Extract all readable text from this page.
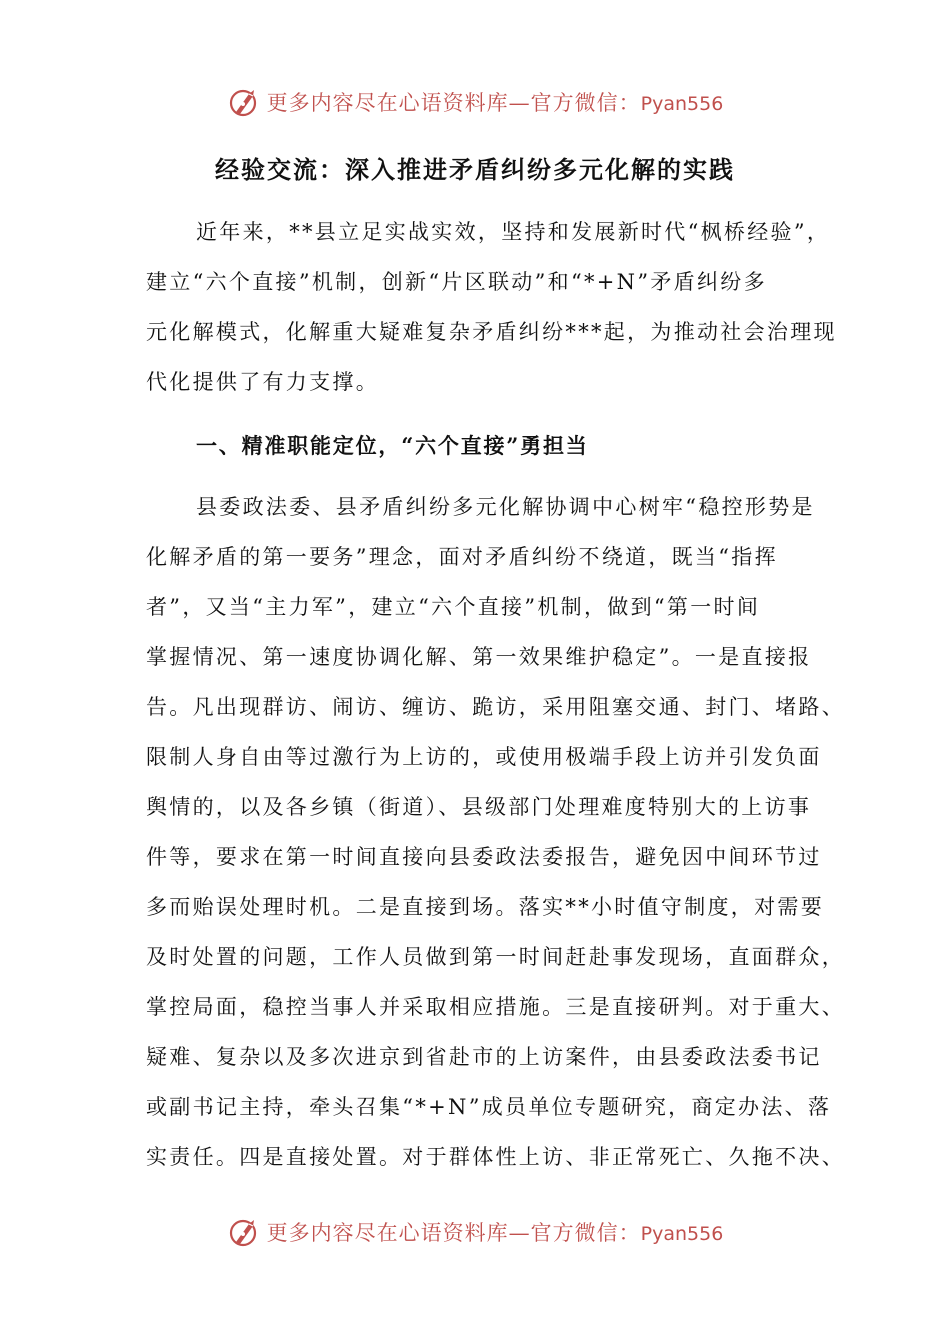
更多内容尽在心语资料库—官方微信：Pyan556
经验交流：深入推进矛盾纠纷多元化解的实践
近年来，**县立足实战实效，坚持和发展新时代“枫桥经验”，
建立“六个直接”机制，创新“片区联动”和“*+N”矛盾纠纷多
元化解模式，化解重大疑难复杂矛盾纠纷***起，为推动社会治理现
代化提供了有力支撑。
一、精准职能定位，“六个直接”勇担当
县委政法委、县矛盾纠纷多元化解协调中心树牢“稳控形势是
化解矛盾的第一要务”理念，面对矛盾纠纷不绕道，既当“指挥
者”，又当“主力军”，建立“六个直接”机制，做到“第一时间
掌握情况、第一速度协调化解、第一效果维护稳定”。一是直接报
告。凡出现群访、闹访、缠访、跪访，采用阻塞交通、封门、堵路、
限制人身自由等过激行为上访的，或使用极端手段上访并引发负面
舆情的，以及各乡镇（街道）、县级部门处理难度特别大的上访事
件等，要求在第一时间直接向县委政法委报告，避免因中间环节过
多而贻误处理时机。二是直接到场。落实**小时值守制度，对需要
及时处置的问题，工作人员做到第一时间赶赴事发现场，直面群众，
掌控局面，稳控当事人并采取相应措施。三是直接研判。对于重大、
疑难、复杂以及多次进京到省赴市的上访案件，由县委政法委书记
或副书记主持，牵头召集“*+N”成员单位专题研究，商定办法、落
实责任。四是直接处置。对于群体性上访、非正常死亡、久拖不决、
更多内容尽在心语资料库—官方微信：Pyan556
